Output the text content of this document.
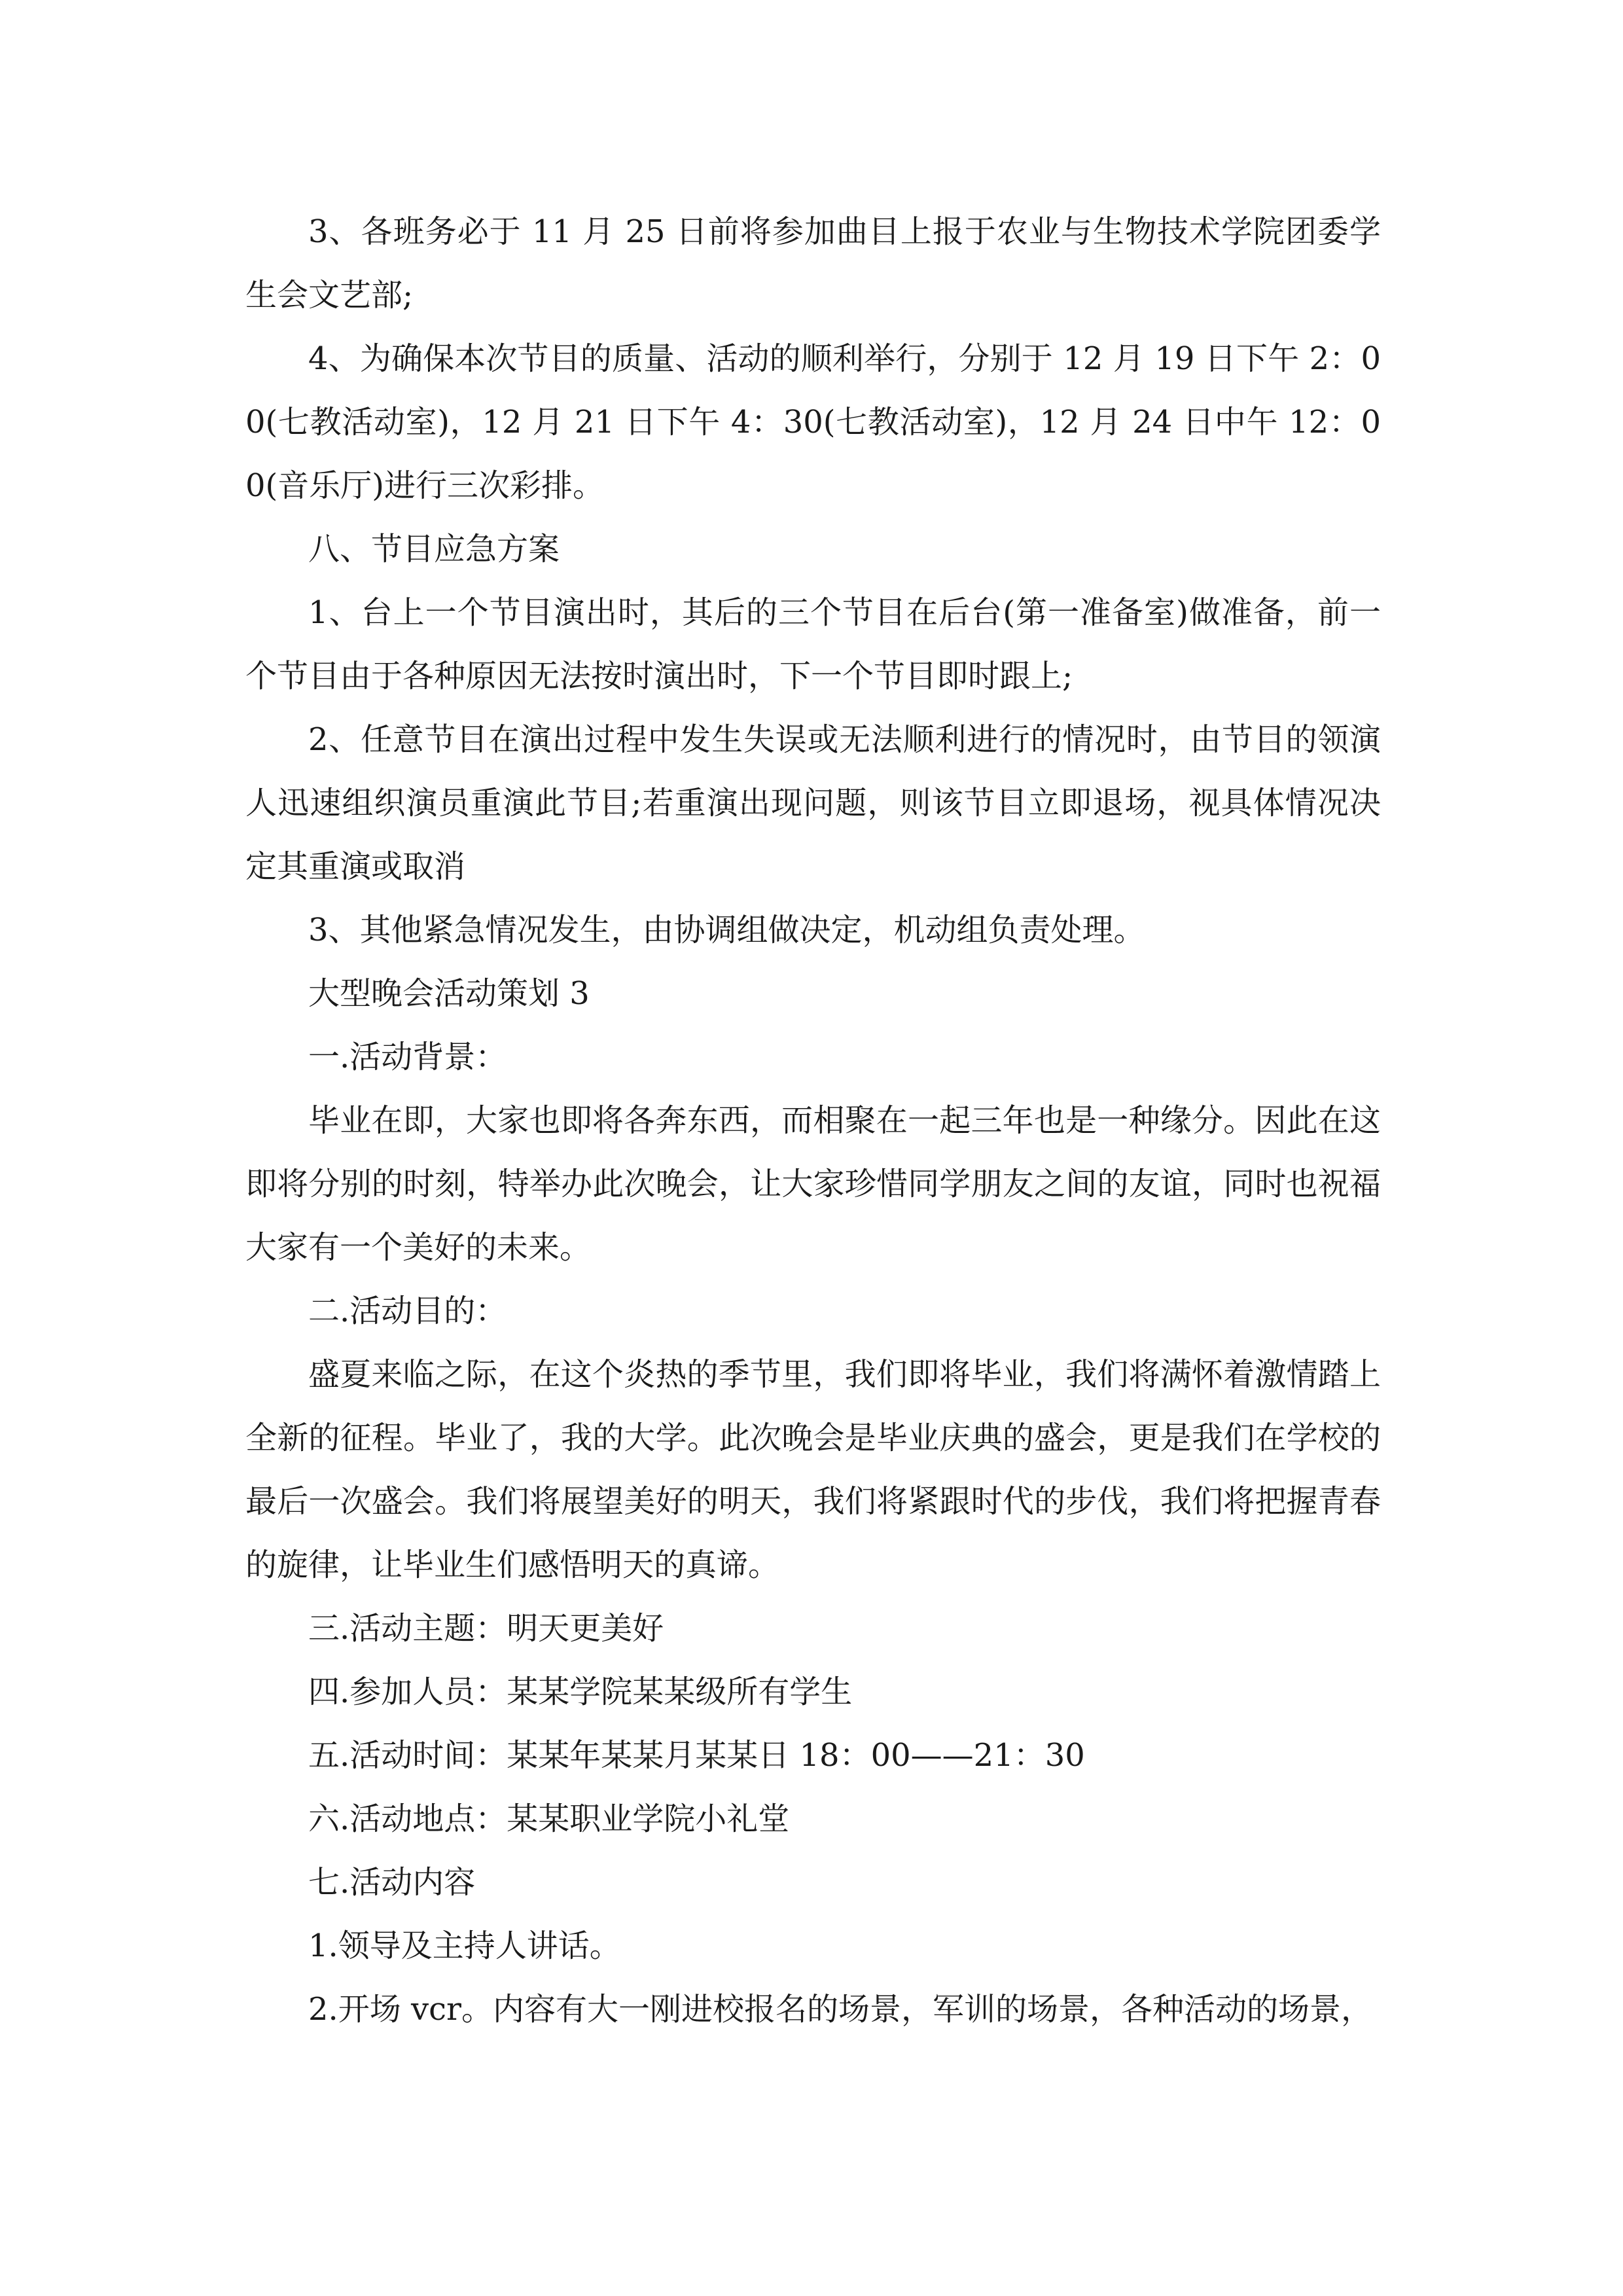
3、各班务必于 11 月 25 日前将参加曲目上报于农业与生物技术学院团委学生会文艺部;

4、为确保本次节目的质量、活动的顺利举行，分别于 12 月 19 日下午 2：00(七教活动室)，12 月 21 日下午 4：30(七教活动室)，12 月 24 日中午 12：00(音乐厅)进行三次彩排。

八、节目应急方案

1、台上一个节目演出时，其后的三个节目在后台(第一准备室)做准备，前一个节目由于各种原因无法按时演出时，下一个节目即时跟上;

2、任意节目在演出过程中发生失误或无法顺利进行的情况时，由节目的领演人迅速组织演员重演此节目;若重演出现问题，则该节目立即退场，视具体情况决定其重演或取消

3、其他紧急情况发生，由协调组做决定，机动组负责处理。

大型晚会活动策划 3

一.活动背景：

毕业在即，大家也即将各奔东西，而相聚在一起三年也是一种缘分。因此在这即将分别的时刻，特举办此次晚会，让大家珍惜同学朋友之间的友谊，同时也祝福大家有一个美好的未来。

二.活动目的：

盛夏来临之际，在这个炎热的季节里，我们即将毕业，我们将满怀着激情踏上全新的征程。毕业了，我的大学。此次晚会是毕业庆典的盛会，更是我们在学校的最后一次盛会。我们将展望美好的明天，我们将紧跟时代的步伐，我们将把握青春的旋律，让毕业生们感悟明天的真谛。

三.活动主题：明天更美好

四.参加人员：某某学院某某级所有学生

五.活动时间：某某年某某月某某日 18：00——21：30

六.活动地点：某某职业学院小礼堂

七.活动内容

1.领导及主持人讲话。

2.开场 vcr。内容有大一刚进校报名的场景，军训的场景，各种活动的场景，
